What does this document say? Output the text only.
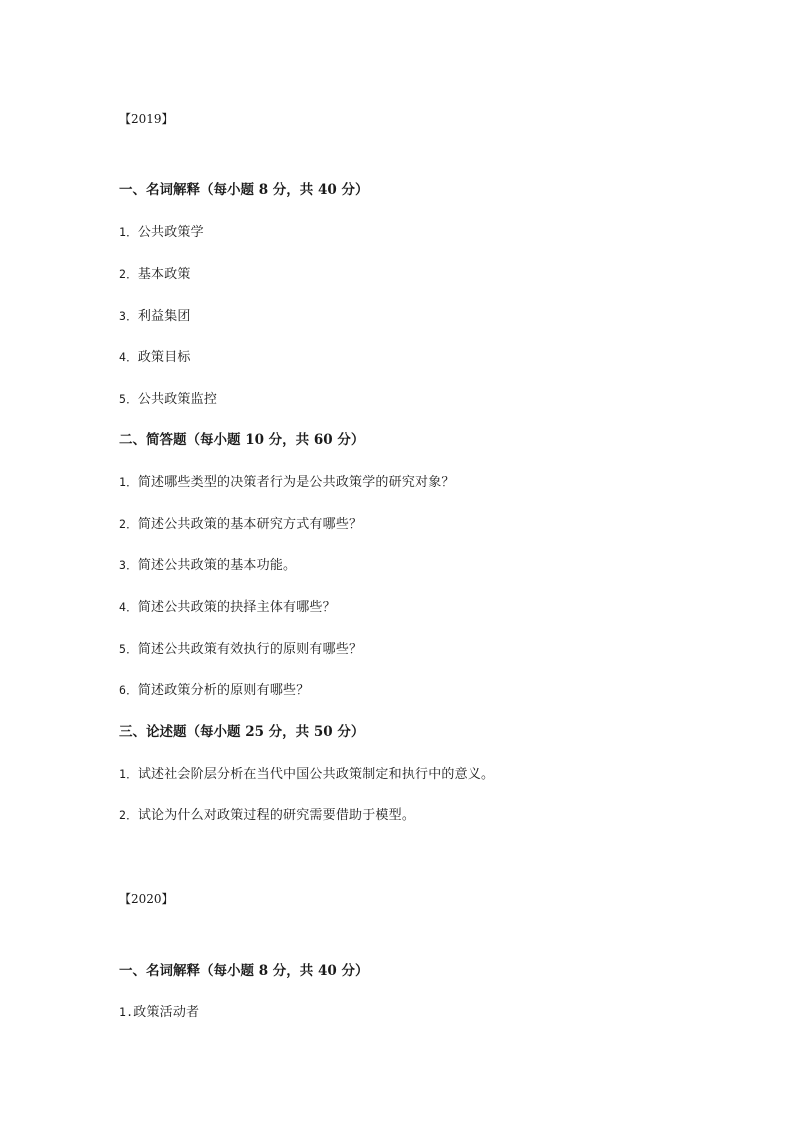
【2019】
一、名词解释（每小题 8 分，共 40 分）
1．公共政策学
2．基本政策
3．利益集团
4．政策目标
5．公共政策监控
二、简答题（每小题 10 分，共 60 分）
1．简述哪些类型的决策者行为是公共政策学的研究对象？
2．简述公共政策的基本研究方式有哪些？
3．简述公共政策的基本功能。
4．简述公共政策的抉择主体有哪些？
5．简述公共政策有效执行的原则有哪些？
6．简述政策分析的原则有哪些？
三、论述题（每小题 25 分，共 50 分）
1．试述社会阶层分析在当代中国公共政策制定和执行中的意义。
2．试论为什么对政策过程的研究需要借助于模型。
【2020】
一、名词解释（每小题 8 分，共 40 分）
1.政策活动者
